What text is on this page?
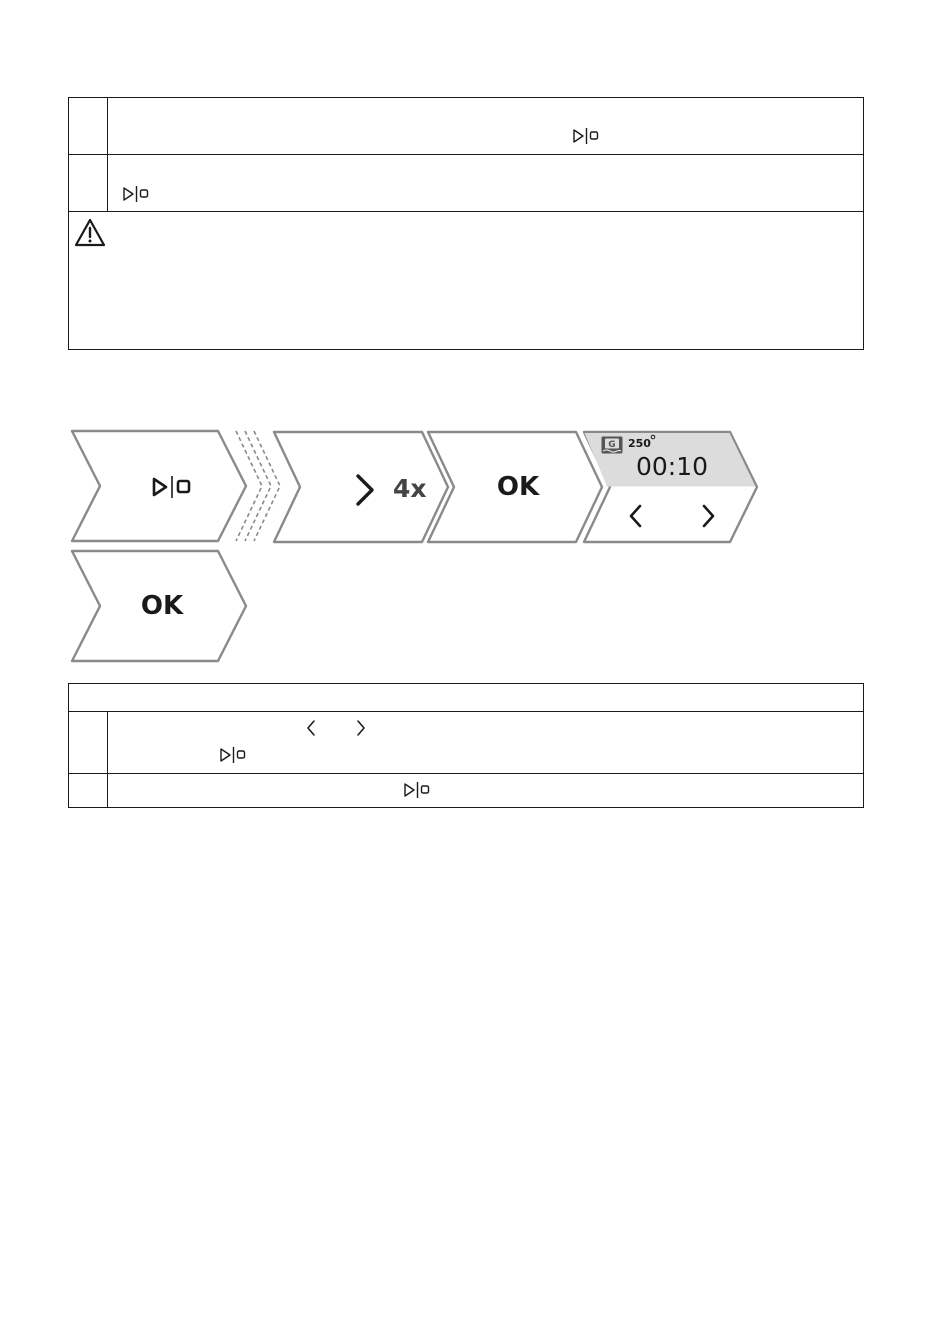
4x	OK
G 250
00:10
OK
